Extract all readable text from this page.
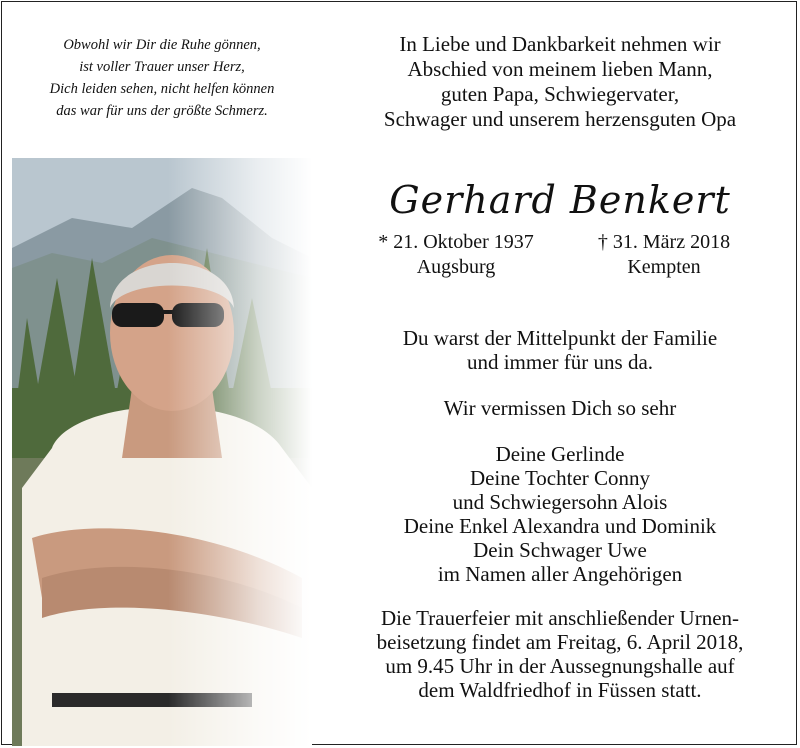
Obwohl wir Dir die Ruhe gönnen,
ist voller Trauer unser Herz,
Dich leiden sehen, nicht helfen können
das war für uns der größte Schmerz.
In Liebe und Dankbarkeit nehmen wir
Abschied von meinem lieben Mann,
guten Papa, Schwiegervater,
Schwager und unserem herzensguten Opa
Gerhard Benkert
* 21. Oktober 1937
Augsburg
† 31. März 2018
Kempten
Du warst der Mittelpunkt der Familie
und immer für uns da.
Wir vermissen Dich so sehr
Deine Gerlinde
Deine Tochter Conny
und Schwiegersohn Alois
Deine Enkel Alexandra und Dominik
Dein Schwager Uwe
im Namen aller Angehörigen
Die Trauerfeier mit anschließender Urnen-
beisetzung findet am Freitag, 6. April 2018,
um 9.45 Uhr in der Aussegnungshalle auf
dem Waldfriedhof in Füssen statt.
